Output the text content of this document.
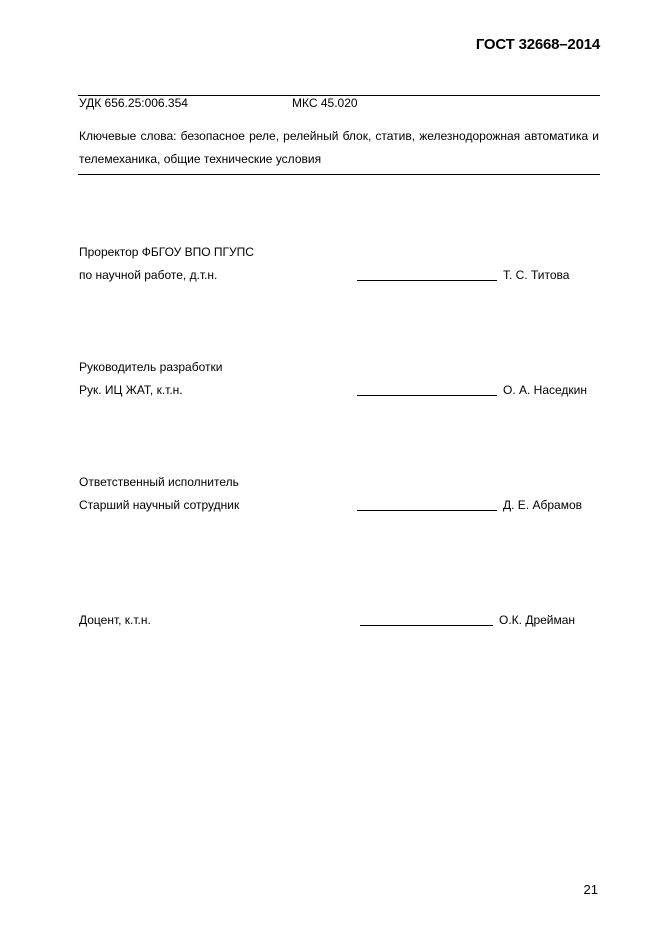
ГОСТ 32668–2014
УДК 656.25:006.354	МКС 45.020
Ключевые слова: безопасное реле, релейный блок, статив, железнодорожная автоматика и телемеханика, общие технические условия
Проректор ФБГОУ ВПО ПГУПС
по научной работе, д.т.н.	Т. С. Титова
Руководитель разработки
Рук. ИЦ ЖАТ, к.т.н.	О. А. Наседкин
Ответственный исполнитель
Старший научный сотрудник	Д. Е. Абрамов
Доцент, к.т.н.	О.К. Дрейман
21
